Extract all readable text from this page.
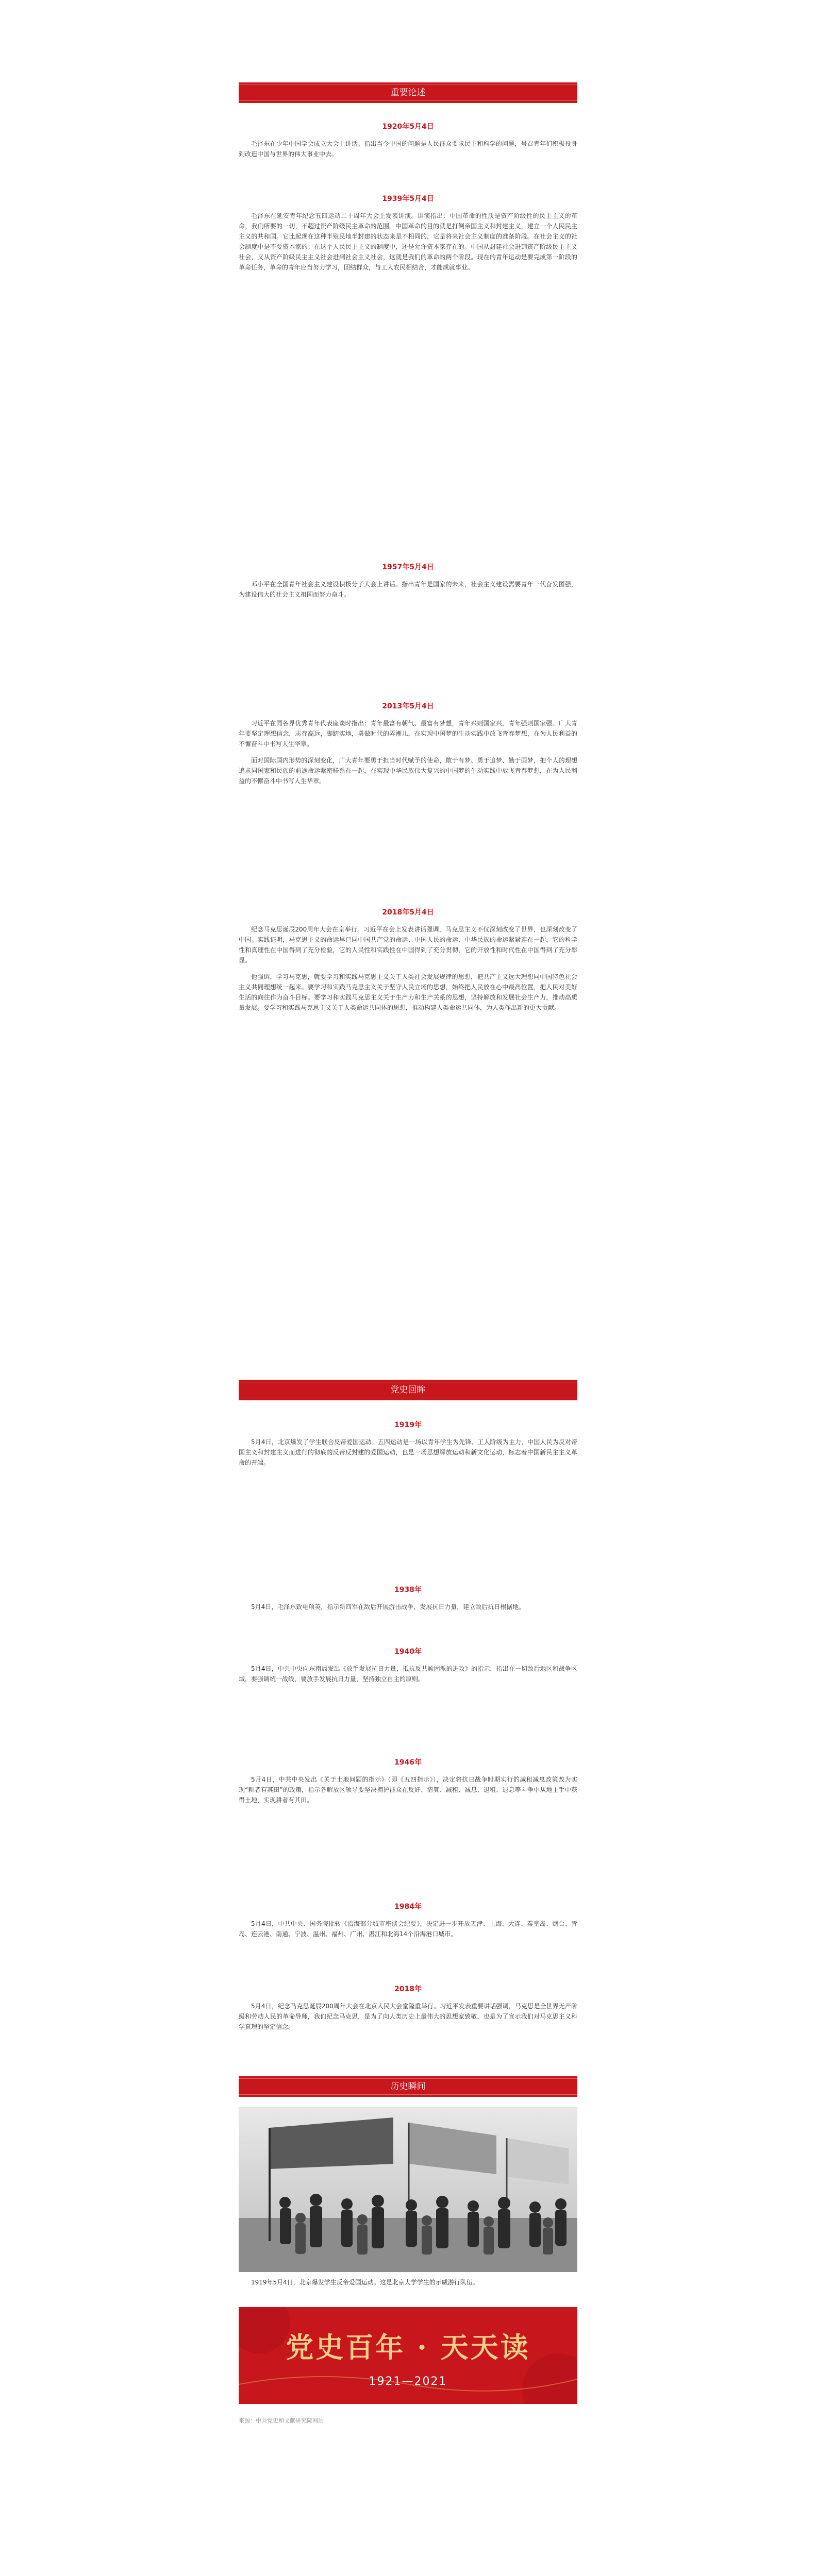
重要论述

1920年5月4日

毛泽东在少年中国学会成立大会上讲话。指出当今中国的问题是人民群众要求民主和科学的问题，号召青年们积极投身到改造中国与世界的伟大事业中去。

1939年5月4日

毛泽东在延安青年纪念五四运动二十周年大会上发表讲演。讲演指出：中国革命的性质是资产阶级性的民主主义的革命，我们所要的一切，不超过资产阶级民主革命的范围。中国革命的目的就是打倒帝国主义和封建主义，建立一个人民民主主义的共和国。它比起现在这种半殖民地半封建的状态来是不相同的，它是将来社会主义制度的准备阶段。在社会主义的社会制度中是不要资本家的；在这个人民民主主义的制度中，还是允许资本家存在的。中国从封建社会进到资产阶级民主主义社会，又从资产阶级民主主义社会进到社会主义社会，这就是我们的革命的两个阶段。现在的青年运动是要完成第一阶段的革命任务，革命的青年应当努力学习，团结群众，与工人农民相结合，才能成就事业。

1957年5月4日

邓小平在全国青年社会主义建设积极分子大会上讲话。指出青年是国家的未来，社会主义建设需要青年一代奋发图强，为建设伟大的社会主义祖国而努力奋斗。

2013年5月4日

习近平在同各界优秀青年代表座谈时指出：青年最富有朝气、最富有梦想，青年兴则国家兴，青年强则国家强。广大青年要坚定理想信念，志存高远，脚踏实地，勇做时代的弄潮儿，在实现中国梦的生动实践中放飞青春梦想，在为人民利益的不懈奋斗中书写人生华章。

面对国际国内形势的深刻变化，广大青年要勇于担当时代赋予的使命，敢于有梦、勇于追梦、勤于圆梦，把个人的理想追求同国家和民族的前途命运紧密联系在一起，在实现中华民族伟大复兴的中国梦的生动实践中放飞青春梦想，在为人民利益的不懈奋斗中书写人生华章。

2018年5月4日

纪念马克思诞辰200周年大会在京举行。习近平在会上发表讲话强调，马克思主义不仅深刻改变了世界，也深刻改变了中国。实践证明，马克思主义的命运早已同中国共产党的命运、中国人民的命运、中华民族的命运紧紧连在一起，它的科学性和真理性在中国得到了充分检验，它的人民性和实践性在中国得到了充分贯彻，它的开放性和时代性在中国得到了充分彰显。

他强调，学习马克思，就要学习和实践马克思主义关于人类社会发展规律的思想，把共产主义远大理想同中国特色社会主义共同理想统一起来。要学习和实践马克思主义关于坚守人民立场的思想，始终把人民放在心中最高位置，把人民对美好生活的向往作为奋斗目标。要学习和实践马克思主义关于生产力和生产关系的思想，坚持解放和发展社会生产力，推动高质量发展。要学习和实践马克思主义关于人类命运共同体的思想，推动构建人类命运共同体，为人类作出新的更大贡献。

党史回眸

1919年

5月4日，北京爆发了学生联合反帝爱国运动。五四运动是一场以青年学生为先锋、工人阶级为主力，中国人民为反对帝国主义和封建主义而进行的彻底的反帝反封建的爱国运动，也是一场思想解放运动和新文化运动，标志着中国新民主主义革命的开端。

1938年

5月4日，毛泽东致电项英，指示新四军在敌后开展游击战争，发展抗日力量，建立敌后抗日根据地。

1940年

5月4日，中共中央向东南局发出《放手发展抗日力量，抵抗反共顽固派的进攻》的指示，指出在一切敌后地区和战争区域，要强调统一战线，要放手发展抗日力量，坚持独立自主的原则。

1946年

5月4日，中共中央发出《关于土地问题的指示》（即《五四指示》），决定将抗日战争时期实行的减租减息政策改为实现“耕者有其田”的政策，指示各解放区领导要坚决拥护群众在反奸、清算、减租、减息、退租、退息等斗争中从地主手中获得土地，实现耕者有其田。

1984年

5月4日，中共中央、国务院批转《沿海部分城市座谈会纪要》，决定进一步开放天津、上海、大连、秦皇岛、烟台、青岛、连云港、南通、宁波、温州、福州、广州、湛江和北海14个沿海港口城市。

2018年

5月4日，纪念马克思诞辰200周年大会在北京人民大会堂隆重举行。习近平发表重要讲话强调，马克思是全世界无产阶级和劳动人民的革命导师，我们纪念马克思，是为了向人类历史上最伟大的思想家致敬，也是为了宣示我们对马克思主义科学真理的坚定信念。

历史瞬间
1919年5月4日，北京爆发学生反帝爱国运动。这是北京大学学生的示威游行队伍。
党史百年 · 天天读
1921—2021
来源：中共党史和文献研究院网站
